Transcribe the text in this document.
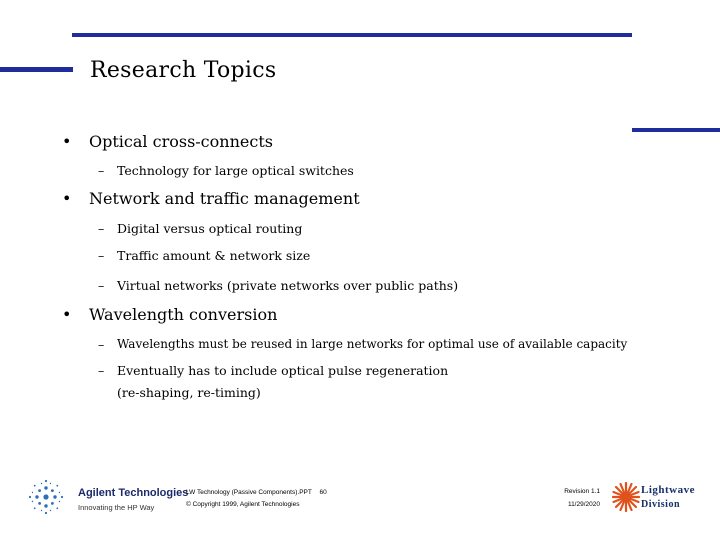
Research Topics
• Optical cross-connects
– Technology for large optical switches
• Network and traffic management
– Digital versus optical routing
– Traffic amount & network size
– Virtual networks (private networks over public paths)
• Wavelength conversion
– Wavelengths must be reused in large networks for optimal use of available capacity
– Eventually has to include optical pulse regeneration
(re-shaping, re-timing)
Agilent Technologies
Innovating the HP Way
LW Technology (Passive Components).PPT 60
© Copyright 1999, Agilent Technologies
Revision 1.1
11/29/2020
Lightwave
Division
